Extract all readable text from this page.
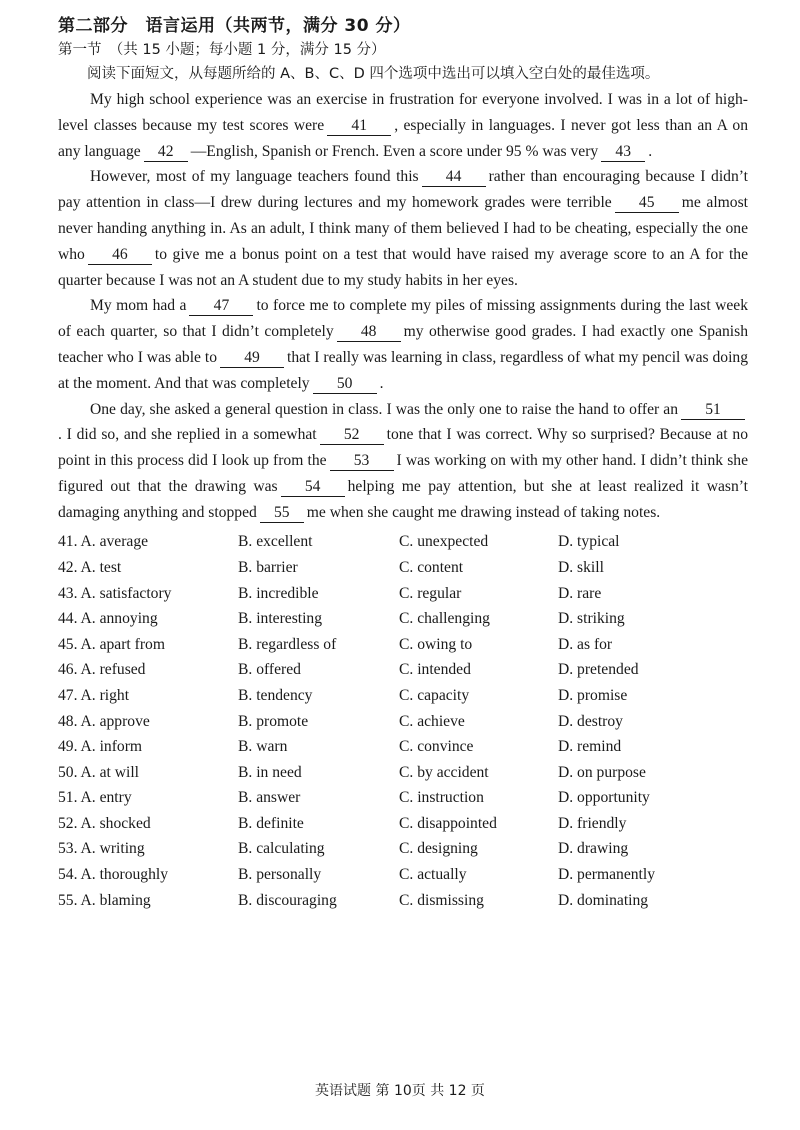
第二部分　语言运用（共两节，满分 30 分）

第一节　（共 15 小题；每小题 1 分，满分 15 分）

阅读下面短文，从每题所给的 A、B、C、D 四个选项中选出可以填入空白处的最佳选项。

My high school experience was an exercise in frustration for everyone involved. I was in a lot of high-level classes because my test scores were 41 , especially in languages. I never got less than an A on any language 42 —English, Spanish or French. Even a score under 95 % was very 43 .

However, most of my language teachers found this 44 rather than encouraging because I didn’t pay attention in class—I drew during lectures and my homework grades were terrible 45 me almost never handing anything in. As an adult, I think many of them believed I had to be cheating, especially the one who 46 to give me a bonus point on a test that would have raised my average score to an A for the quarter because I was not an A student due to my study habits in her eyes.

My mom had a 47 to force me to complete my piles of missing assignments during the last week of each quarter, so that I didn’t completely 48 my otherwise good grades. I had exactly one Spanish teacher who I was able to 49 that I really was learning in class, regardless of what my pencil was doing at the moment. And that was completely 50 .

One day, she asked a general question in class. I was the only one to raise the hand to offer an 51. I did so, and she replied in a somewhat 52 tone that I was correct. Why so surprised? Because at no point in this process did I look up from the 53 I was working on with my other hand. I didn’t think she figured out that the drawing was 54 helping me pay attention, but she at least realized it wasn’t damaging anything and stopped 55 me when she caught me drawing instead of taking notes.

41. A. average	B. excellent	C. unexpected	D. typical
42. A. test	B. barrier	C. content	D. skill
43. A. satisfactory	B. incredible	C. regular	D. rare
44. A. annoying	B. interesting	C. challenging	D. striking
45. A. apart from	B. regardless of	C. owing to	D. as for
46. A. refused	B. offered	C. intended	D. pretended
47. A. right	B. tendency	C. capacity	D. promise
48. A. approve	B. promote	C. achieve	D. destroy
49. A. inform	B. warn	C. convince	D. remind
50. A. at will	B. in need	C. by accident	D. on purpose
51. A. entry	B. answer	C. instruction	D. opportunity
52. A. shocked	B. definite	C. disappointed	D. friendly
53. A. writing	B. calculating	C. designing	D. drawing
54. A. thoroughly	B. personally	C. actually	D. permanently
55. A. blaming	B. discouraging	C. dismissing	D. dominating
英语试题 第 10页 共 12 页
